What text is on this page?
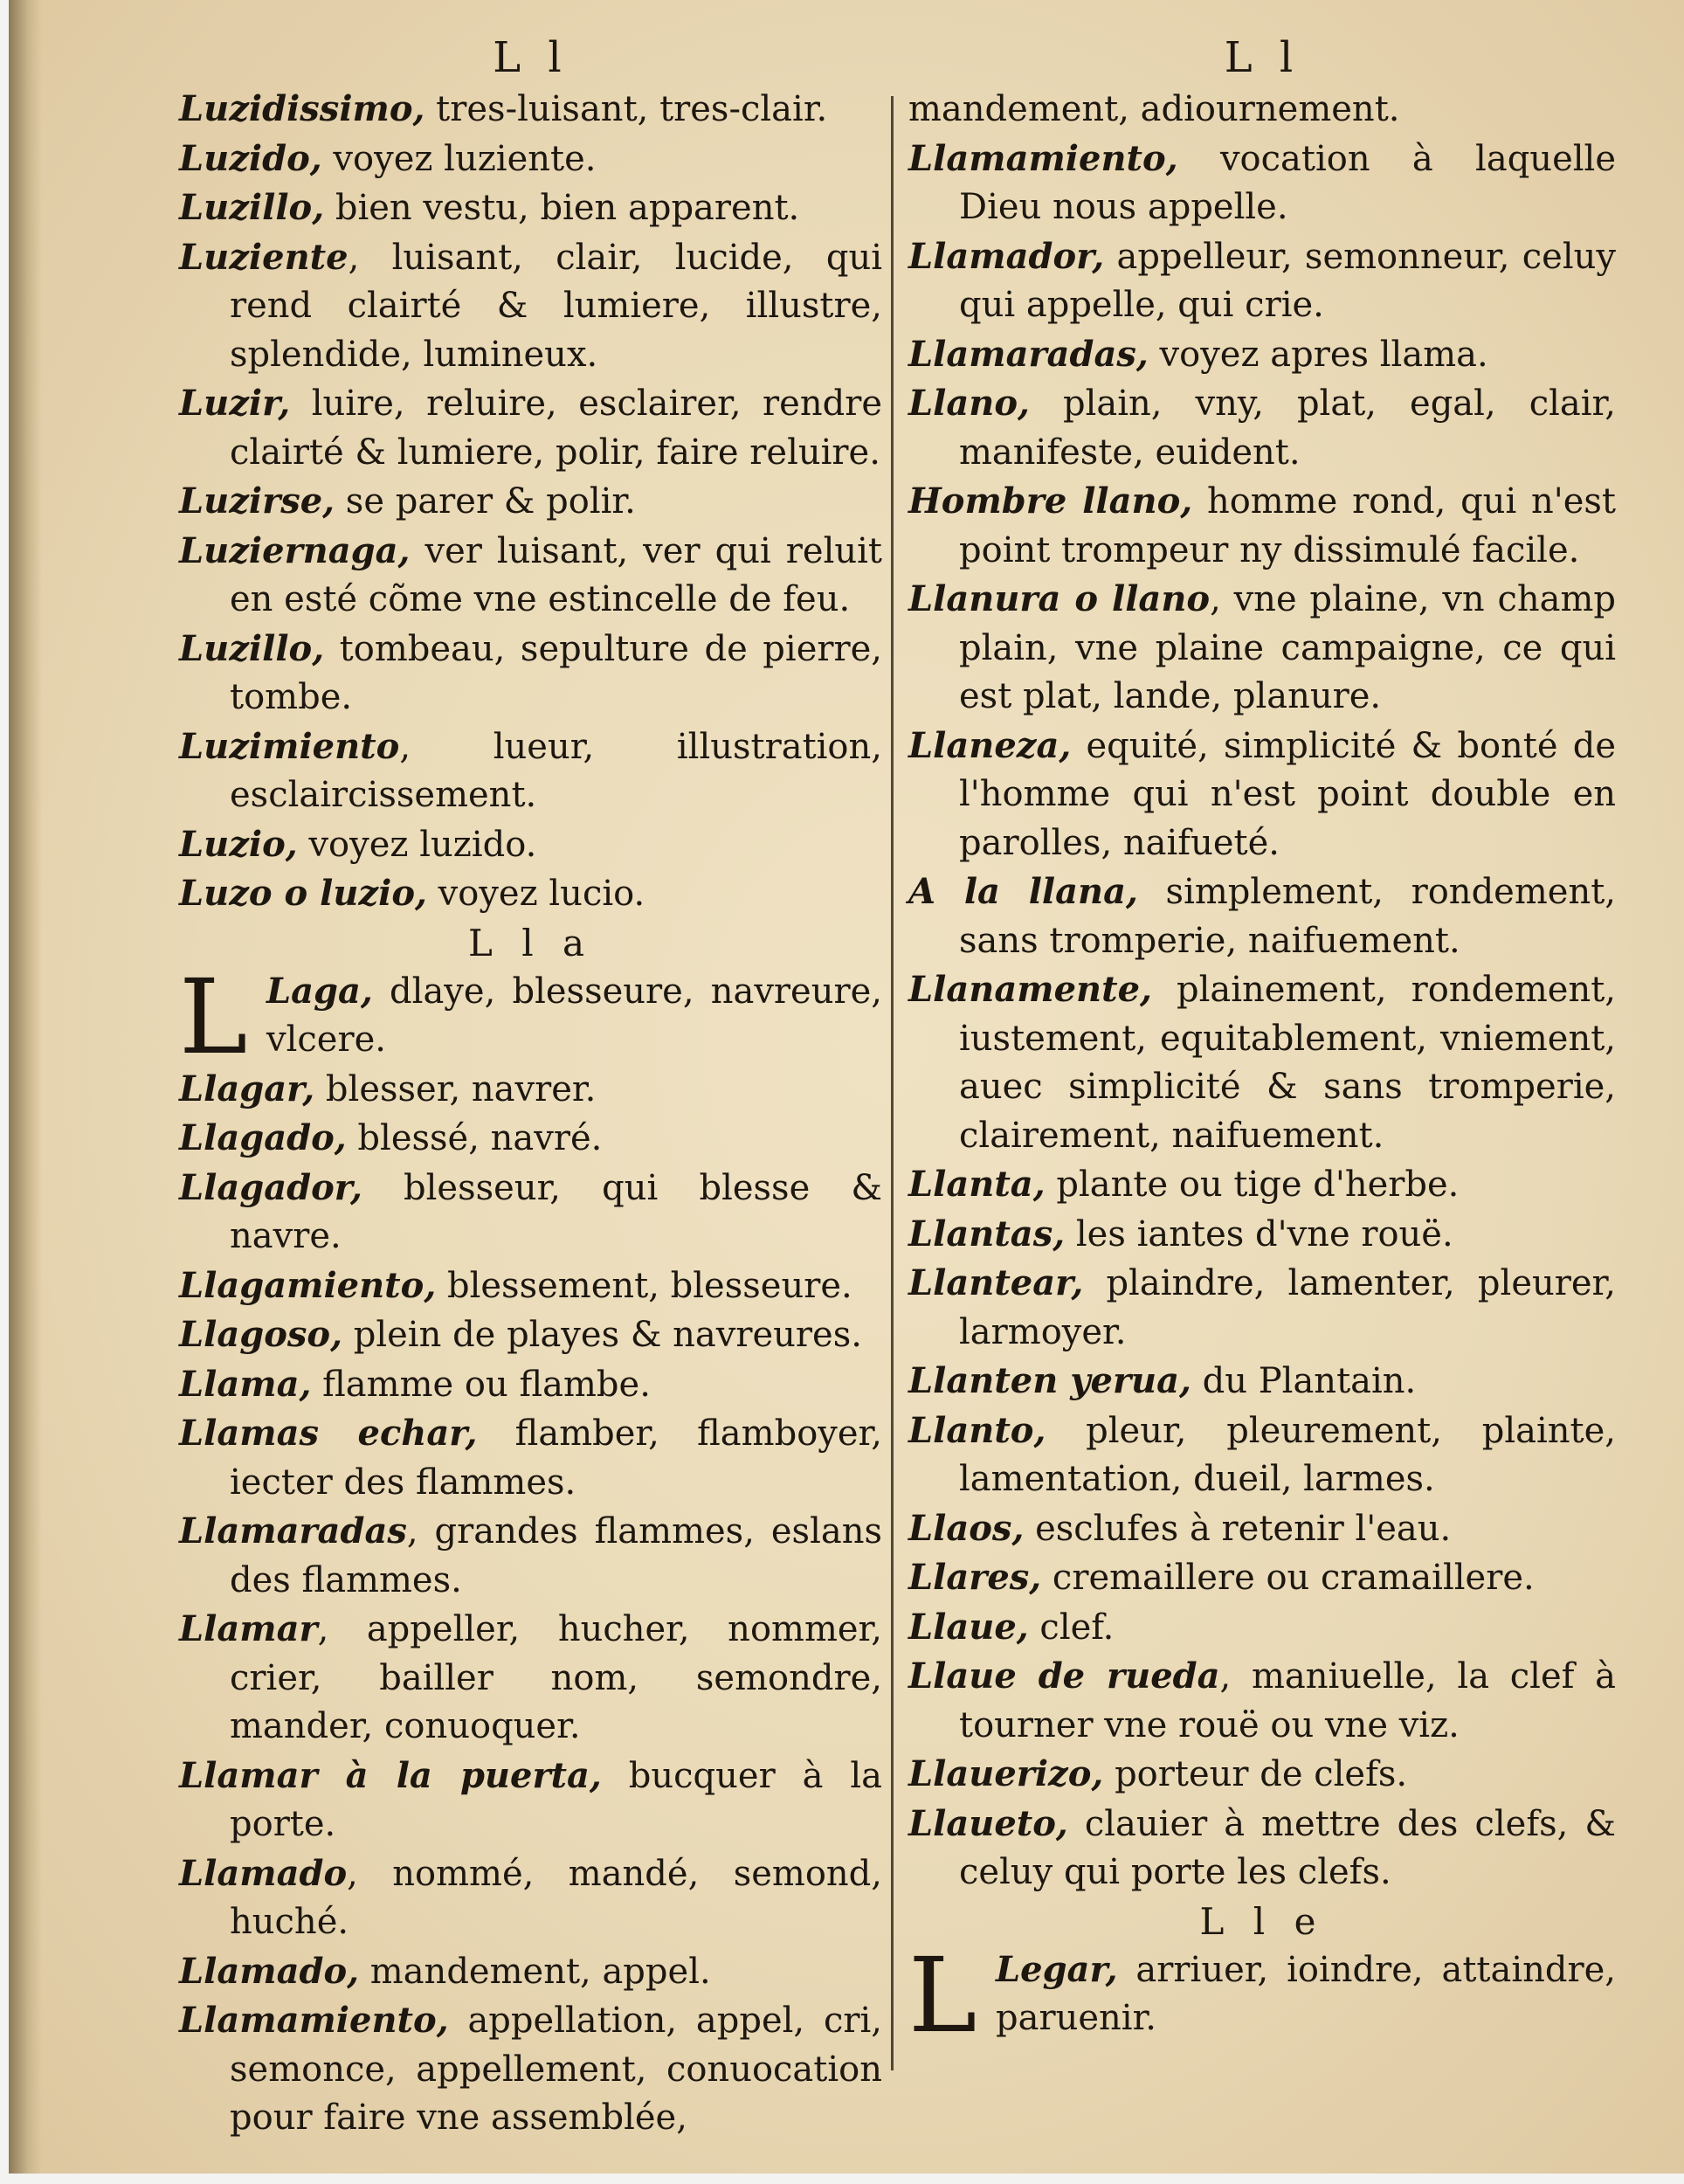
L l

Luzidissimo, tres-luisant, tres-clair.

Luzido, voyez luziente.

Luzillo, bien vestu, bien apparent.

Luziente, luisant, clair, lucide, qui rend clairté & lumiere, illustre, splendide, lumineux.

Luzir, luire, reluire, esclairer, rendre clairté & lumiere, polir, faire reluire.

Luzirse, se parer & polir.

Luziernaga, ver luisant, ver qui reluit en esté cõme vne estincelle de feu.

Luzillo, tombeau, sepulture de pierre, tombe.

Luzimiento, lueur, illustration, esclaircissement.

Luzio, voyez luzido.

Luzo o luzio, voyez lucio.

L l a

L Laga, dlaye, blesseure, navreure, vlcere.

Llagar, blesser, navrer.

Llagado, blessé, navré.

Llagador, blesseur, qui blesse & navre.

Llagamiento, blessement, blesseure.

Llagoso, plein de playes & navreures.

Llama, flamme ou flambe.

Llamas echar, flamber, flamboyer, iecter des flammes.

Llamaradas, grandes flammes, eslans des flammes.

Llamar, appeller, hucher, nommer, crier, bailler nom, semondre, mander, conuoquer.

Llamar à la puerta, bucquer à la porte.

Llamado, nommé, mandé, semond, huché.

Llamado, mandement, appel.

Llamamiento, appellation, appel, cri, semonce, appellement, conuocation pour faire vne assemblée,

L l

mandement, adiournement.

Llamamiento, vocation à laquelle Dieu nous appelle.

Llamador, appelleur, semonneur, celuy qui appelle, qui crie.

Llamaradas, voyez apres llama.

Llano, plain, vny, plat, egal, clair, manifeste, euident.

Hombre llano, homme rond, qui n'est point trompeur ny dissimulé facile.

Llanura o llano, vne plaine, vn champ plain, vne plaine campaigne, ce qui est plat, lande, planure.

Llaneza, equité, simplicité & bonté de l'homme qui n'est point double en parolles, naifueté.

A la llana, simplement, rondement, sans tromperie, naifuement.

Llanamente, plainement, rondement, iustement, equitablement, vniement, auec simplicité & sans tromperie, clairement, naifuement.

Llanta, plante ou tige d'herbe.

Llantas, les iantes d'vne rouë.

Llantear, plaindre, lamenter, pleurer, larmoyer.

Llanten yerua, du Plantain.

Llanto, pleur, pleurement, plainte, lamentation, dueil, larmes.

Llaos, esclufes à retenir l'eau.

Llares, cremaillere ou cramaillere.

Llaue, clef.

Llaue de rueda, maniuelle, la clef à tourner vne rouë ou vne viz.

Llauerizo, porteur de clefs.

Llaueto, clauier à mettre des clefs, & celuy qui porte les clefs.

L l e

L Legar, arriuer, ioindre, attaindre, paruenir.
